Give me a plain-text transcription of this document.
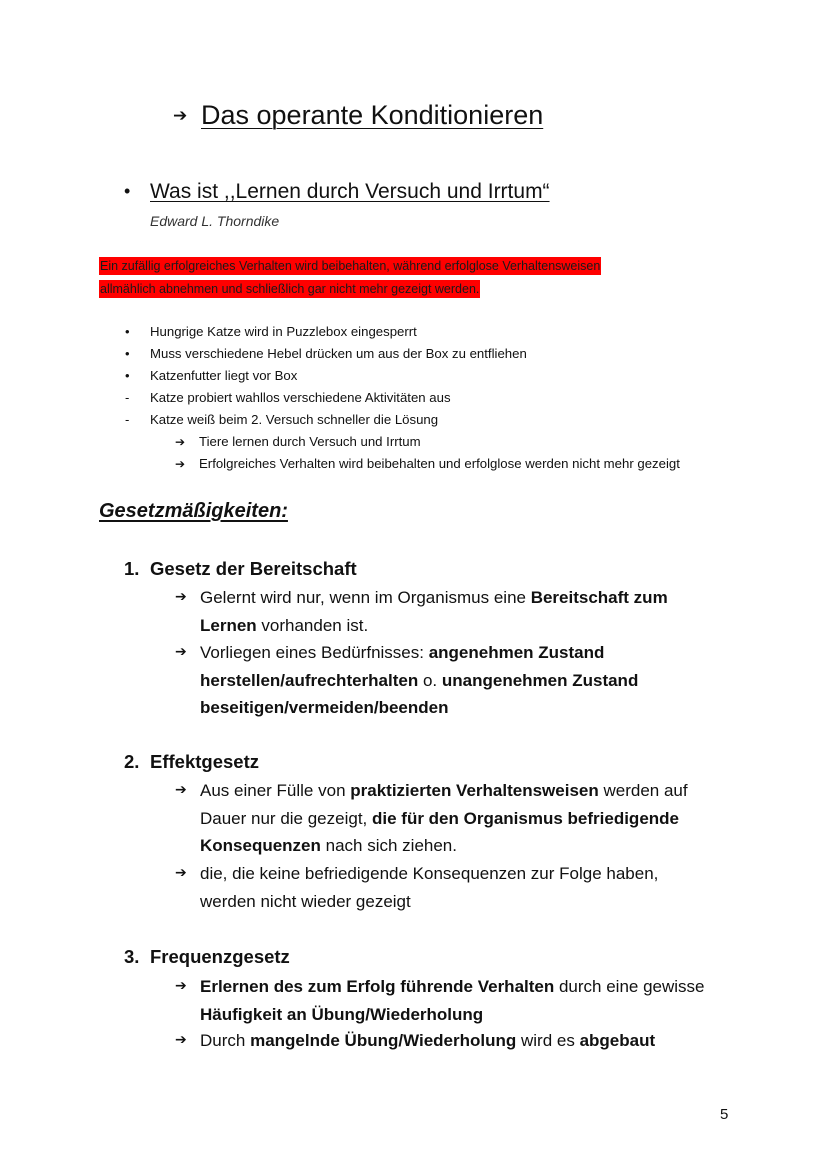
➔ Das operante Konditionieren
• Was ist ,,Lernen durch Versuch und Irrtum“
Edward L. Thorndike
Ein zufällig erfolgreiches Verhalten wird beibehalten, während erfolglose Verhaltensweisen
allmählich abnehmen und schließlich gar nicht mehr gezeigt werden.
•	Hungrige Katze wird in Puzzlebox eingesperrt
•	Muss verschiedene Hebel drücken um aus der Box zu entfliehen
•	Katzenfutter liegt vor Box
-	Katze probiert wahllos verschiedene Aktivitäten aus
-	Katze weiß beim 2. Versuch schneller die Lösung
➔ Tiere lernen durch Versuch und Irrtum
➔ Erfolgreiches Verhalten wird beibehalten und erfolglose werden nicht mehr gezeigt
Gesetzmäßigkeiten:
1. Gesetz der Bereitschaft
➔ Gelernt wird nur, wenn im Organismus eine Bereitschaft zum
Lernen vorhanden ist.
➔ Vorliegen eines Bedürfnisses: angenehmen Zustand
herstellen/aufrechterhalten o. unangenehmen Zustand
beseitigen/vermeiden/beenden
2. Effektgesetz
➔ Aus einer Fülle von praktizierten Verhaltensweisen werden auf
Dauer nur die gezeigt, die für den Organismus befriedigende
Konsequenzen nach sich ziehen.
➔ die, die keine befriedigende Konsequenzen zur Folge haben,
werden nicht wieder gezeigt
3. Frequenzgesetz
➔ Erlernen des zum Erfolg führende Verhalten durch eine gewisse
Häufigkeit an Übung/Wiederholung
➔ Durch mangelnde Übung/Wiederholung wird es abgebaut
5
